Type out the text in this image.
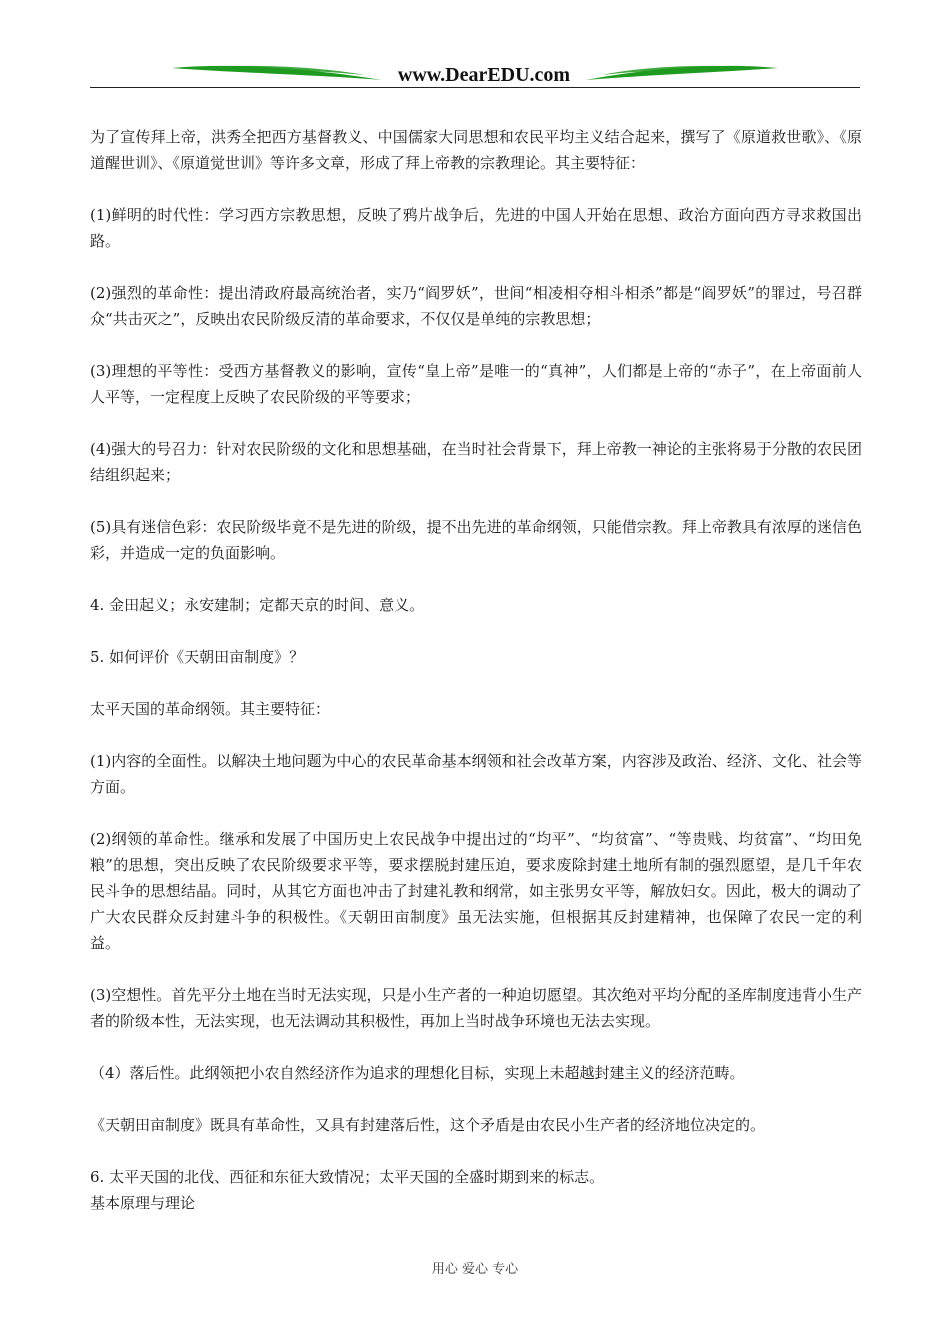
www.DearEDU.com

为了宣传拜上帝，洪秀全把西方基督教义、中国儒家大同思想和农民平均主义结合起来，撰写了《原道救世歌》、《原道醒世训》、《原道觉世训》等许多文章，形成了拜上帝教的宗教理论。其主要特征：

(1)鲜明的时代性：学习西方宗教思想，反映了鸦片战争后，先进的中国人开始在思想、政治方面向西方寻求救国出路。

(2)强烈的革命性：提出清政府最高统治者，实乃“阎罗妖”，世间“相凌相夺相斗相杀”都是“阎罗妖”的罪过，号召群众“共击灭之”，反映出农民阶级反清的革命要求，不仅仅是单纯的宗教思想；

(3)理想的平等性：受西方基督教义的影响，宣传“皇上帝”是唯一的“真神”，人们都是上帝的“赤子”，在上帝面前人人平等，一定程度上反映了农民阶级的平等要求；

(4)强大的号召力：针对农民阶级的文化和思想基础，在当时社会背景下，拜上帝教一神论的主张将易于分散的农民团结组织起来；

(5)具有迷信色彩：农民阶级毕竟不是先进的阶级，提不出先进的革命纲领，只能借宗教。拜上帝教具有浓厚的迷信色彩，并造成一定的负面影响。

4. 金田起义；永安建制；定都天京的时间、意义。

5. 如何评价《天朝田亩制度》？

太平天国的革命纲领。其主要特征：

(1)内容的全面性。以解决土地问题为中心的农民革命基本纲领和社会改革方案，内容涉及政治、经济、文化、社会等方面。

(2)纲领的革命性。继承和发展了中国历史上农民战争中提出过的“均平”、“均贫富”、“等贵贱、均贫富”、“均田免粮”的思想，突出反映了农民阶级要求平等，要求摆脱封建压迫，要求废除封建土地所有制的强烈愿望，是几千年农民斗争的思想结晶。同时，从其它方面也冲击了封建礼教和纲常，如主张男女平等，解放妇女。因此，极大的调动了广大农民群众反封建斗争的积极性。《天朝田亩制度》虽无法实施，但根据其反封建精神，也保障了农民一定的利益。

(3)空想性。首先平分土地在当时无法实现，只是小生产者的一种迫切愿望。其次绝对平均分配的圣库制度违背小生产者的阶级本性，无法实现，也无法调动其积极性，再加上当时战争环境也无法去实现。

（4）落后性。此纲领把小农自然经济作为追求的理想化目标，实现上未超越封建主义的经济范畴。

《天朝田亩制度》既具有革命性，又具有封建落后性，这个矛盾是由农民小生产者的经济地位决定的。

6. 太平天国的北伐、西征和东征大致情况；太平天国的全盛时期到来的标志。

基本原理与理论

用心 爱心 专心
